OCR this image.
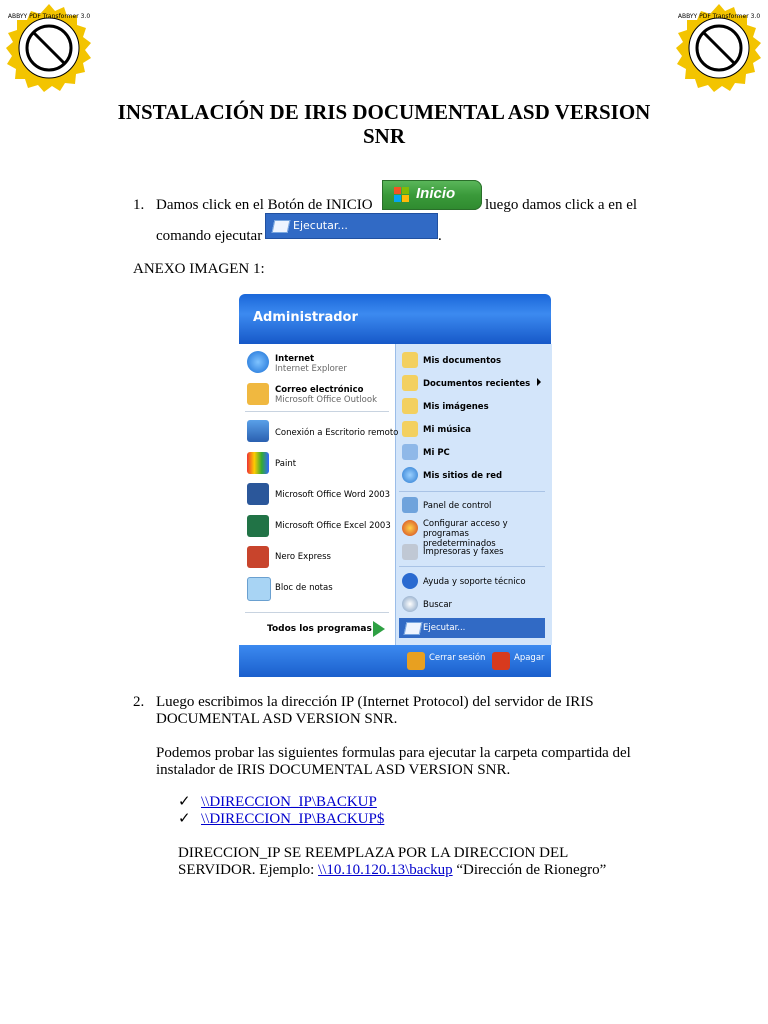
ABBYY PDF Transformer 3.0	ABBYY PDF Transformer 3.0
INSTALACIÓN DE IRIS DOCUMENTAL ASD VERSION
SNR
1. Damos click en el Botón de INICIO
Inicio
luego damos click a en el
comando ejecutar
Ejecutar...
.
ANEXO IMAGEN 1:
Administrador
Internet
Internet Explorer
Correo electrónico
Microsoft Office Outlook
Conexión a Escritorio remoto
Paint
Microsoft Office Word 2003
Microsoft Office Excel 2003
Nero Express
Bloc de notas
Todos los programas
Mis documentos
Documentos recientes
Mis imágenes
Mi música
Mi PC
Mis sitios de red
Panel de control
Configurar acceso y programas predeterminados
Impresoras y faxes
Ayuda y soporte técnico
Buscar
Ejecutar...
Cerrar sesión	Apagar
2. Luego escribimos la dirección IP (Internet Protocol) del servidor de IRIS
DOCUMENTAL ASD VERSION SNR.
Podemos probar las siguientes formulas para ejecutar la carpeta compartida del
instalador de IRIS DOCUMENTAL ASD VERSION SNR.
✓ \\DIRECCION_IP\BACKUP
✓ \\DIRECCION_IP\BACKUP$
DIRECCION_IP SE REEMPLAZA POR LA DIRECCION DEL
SERVIDOR. Ejemplo: \\10.10.120.13\backup “Dirección de Rionegro”
